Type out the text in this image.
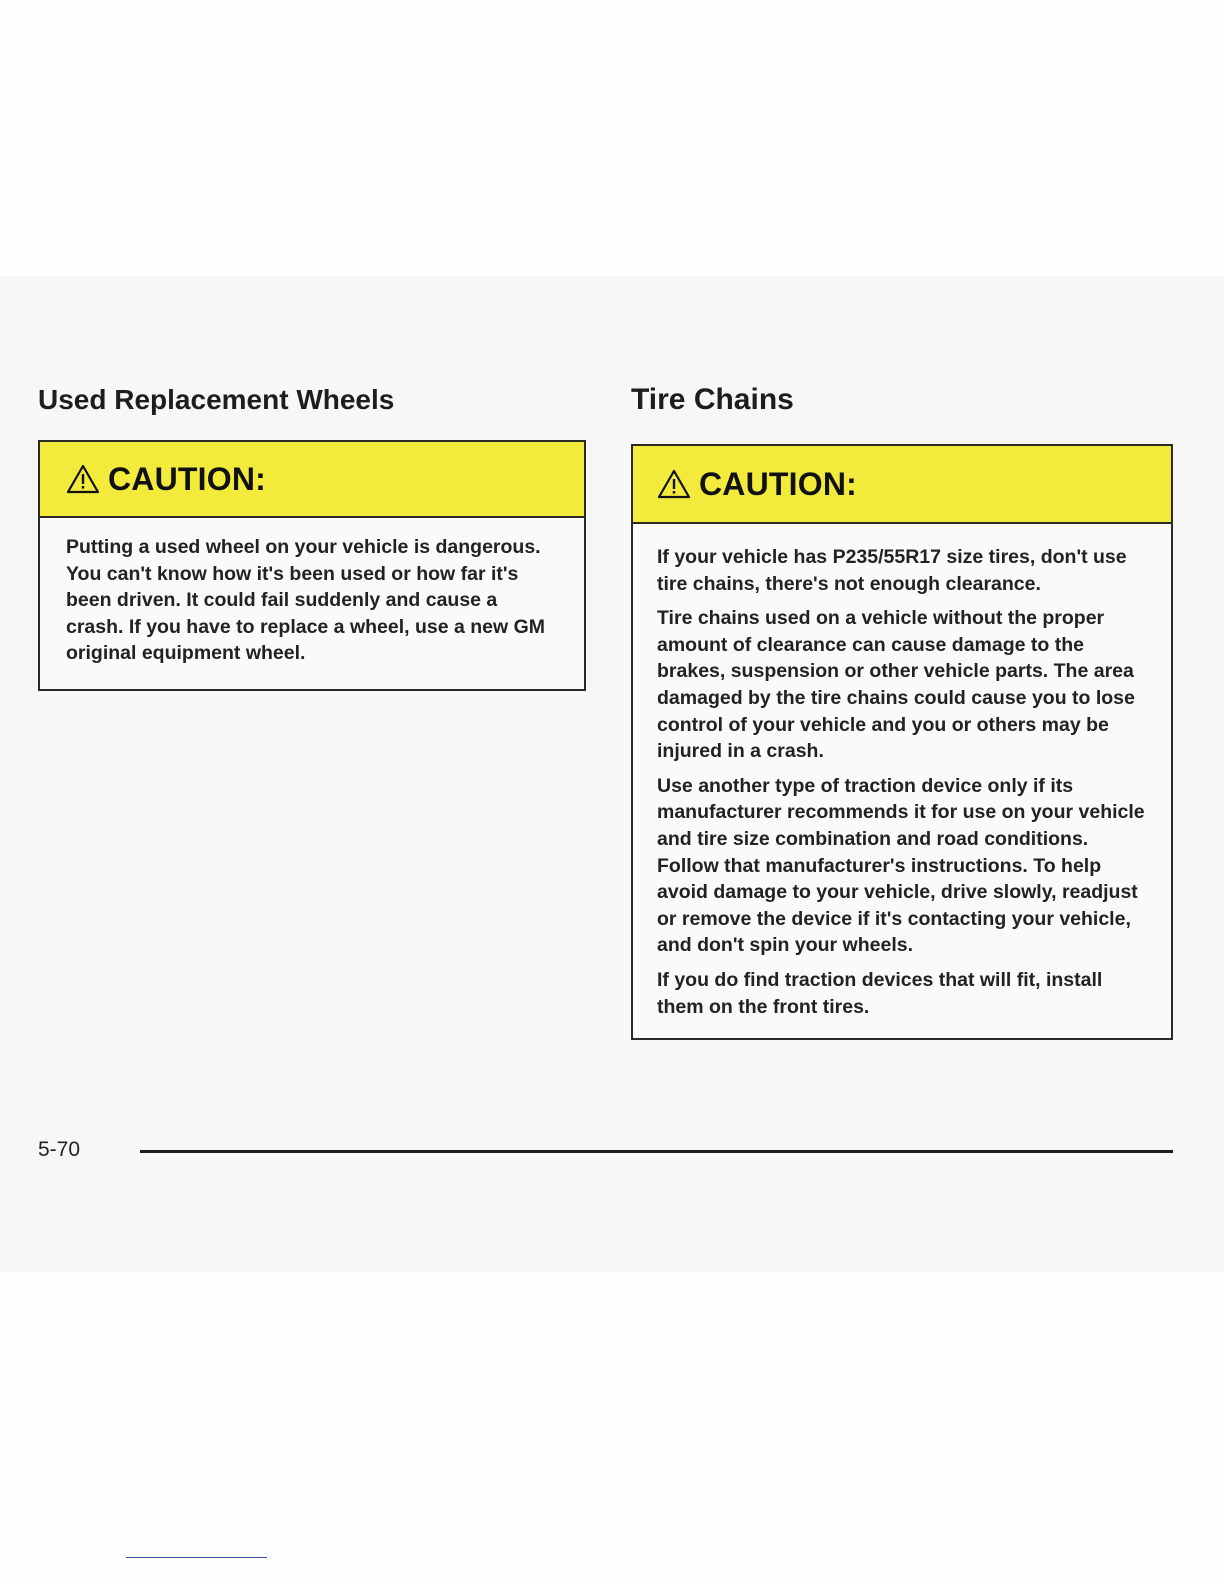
Used Replacement Wheels
CAUTION:

Putting a used wheel on your vehicle is dangerous. You can't know how it's been used or how far it's been driven. It could fail suddenly and cause a crash. If you have to replace a wheel, use a new GM original equipment wheel.

Tire Chains
CAUTION:

If your vehicle has P235/55R17 size tires, don't use tire chains, there's not enough clearance.

Tire chains used on a vehicle without the proper amount of clearance can cause damage to the brakes, suspension or other vehicle parts. The area damaged by the tire chains could cause you to lose control of your vehicle and you or others may be injured in a crash.

Use another type of traction device only if its manufacturer recommends it for use on your vehicle and tire size combination and road conditions. Follow that manufacturer's instructions. To help avoid damage to your vehicle, drive slowly, readjust or remove the device if it's contacting your vehicle, and don't spin your wheels.

If you do find traction devices that will fit, install them on the front tires.

5-70
